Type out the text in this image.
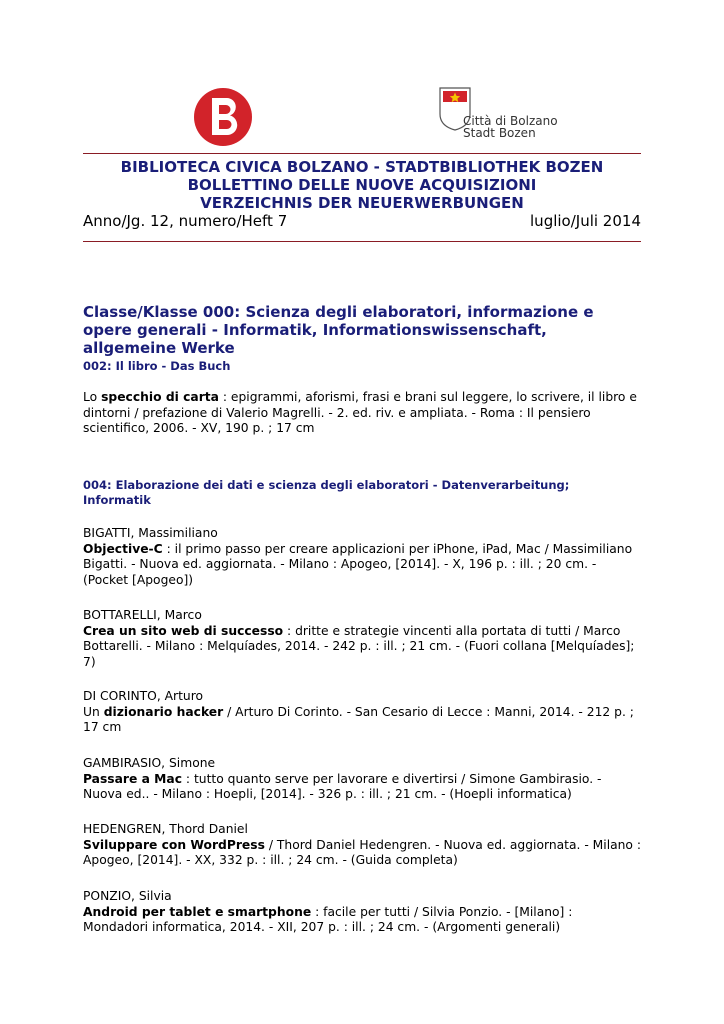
Città di Bolzano
Stadt Bozen
BIBLIOTECA CIVICA BOLZANO - STADTBIBLIOTHEK BOZEN
BOLLETTINO DELLE NUOVE ACQUISIZIONI
VERZEICHNIS DER NEUERWERBUNGEN
Anno/Jg. 12, numero/Heft 7	luglio/Juli 2014
Classe/Klasse 000: Scienza degli elaboratori, informazione e opere generali - Informatik, Informationswissenschaft, allgemeine Werke
002: Il libro - Das Buch
Lo specchio di carta : epigrammi, aforismi, frasi e brani sul leggere, lo scrivere, il libro e dintorni / prefazione di Valerio Magrelli. - 2. ed. riv. e ampliata. - Roma : Il pensiero scientifico, 2006. - XV, 190 p. ; 17 cm
004: Elaborazione dei dati e scienza degli elaboratori - Datenverarbeitung; Informatik
BIGATTI, Massimiliano
Objective-C : il primo passo per creare applicazioni per iPhone, iPad, Mac / Massimiliano Bigatti. - Nuova ed. aggiornata. - Milano : Apogeo, [2014]. - X, 196 p. : ill. ; 20 cm. - (Pocket [Apogeo])
BOTTARELLI, Marco
Crea un sito web di successo : dritte e strategie vincenti alla portata di tutti / Marco Bottarelli. - Milano : Melquíades, 2014. - 242 p. : ill. ; 21 cm. - (Fuori collana [Melquíades]; 7)
DI CORINTO, Arturo
Un dizionario hacker / Arturo Di Corinto. - San Cesario di Lecce : Manni, 2014. - 212 p. ; 17 cm
GAMBIRASIO, Simone
Passare a Mac : tutto quanto serve per lavorare e divertirsi / Simone Gambirasio. - Nuova ed.. - Milano : Hoepli, [2014]. - 326 p. : ill. ; 21 cm. - (Hoepli informatica)
HEDENGREN, Thord Daniel
Sviluppare con WordPress / Thord Daniel Hedengren. - Nuova ed. aggiornata. - Milano : Apogeo, [2014]. - XX, 332 p. : ill. ; 24 cm. - (Guida completa)
PONZIO, Silvia
Android per tablet e smartphone : facile per tutti / Silvia Ponzio. - [Milano] : Mondadori informatica, 2014. - XII, 207 p. : ill. ; 24 cm. - (Argomenti generali)
